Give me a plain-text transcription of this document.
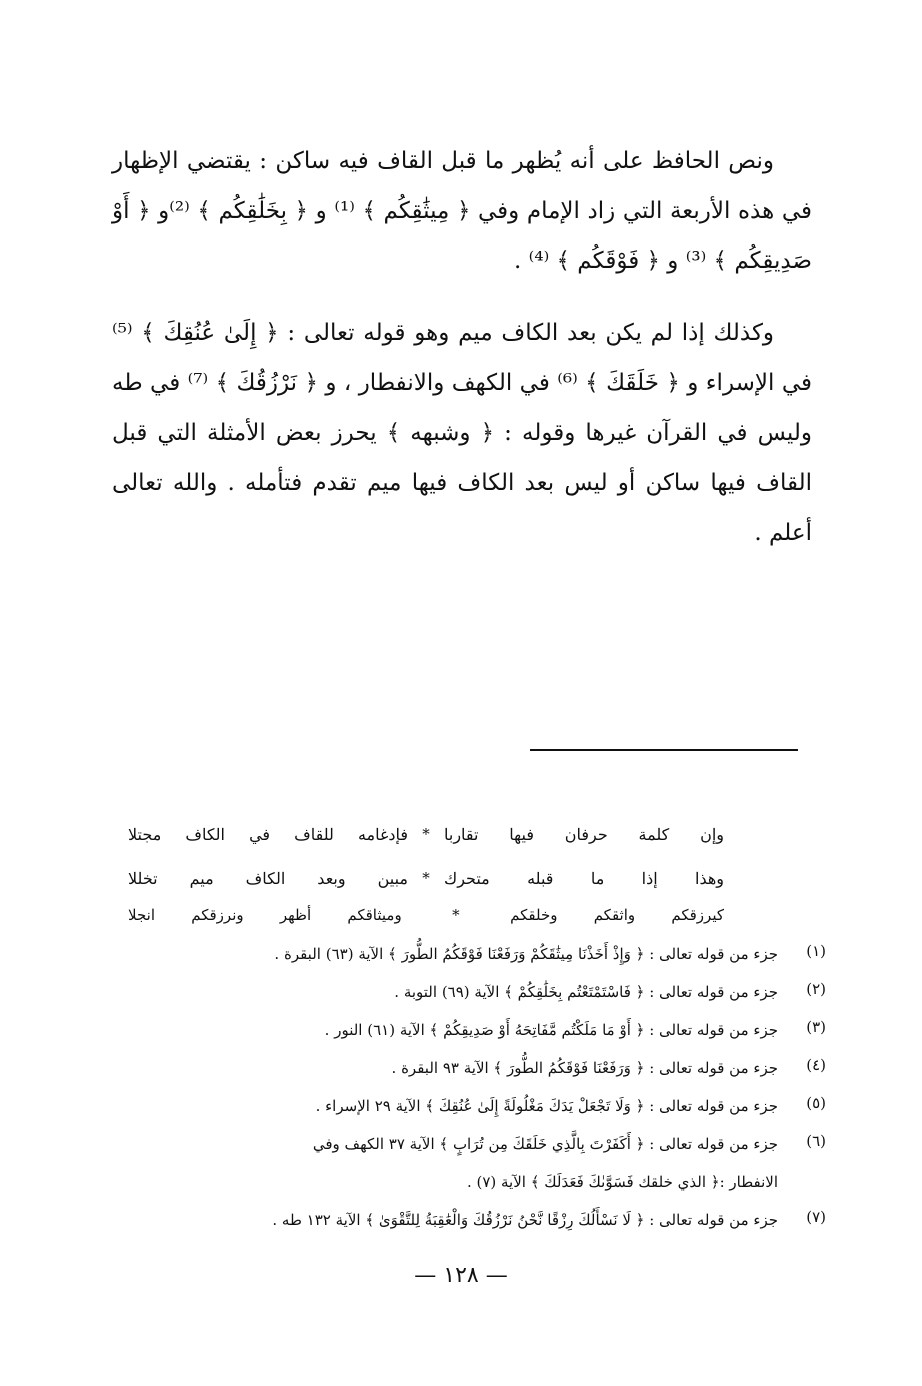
ونص الحافظ على أنه يُظهر ما قبل القاف فيه ساكن : يقتضي الإظهار في هذه الأربعة التي زاد الإمام وفي ﴿ مِيثَٰقِكُم ﴾ ⁽¹⁾ و ﴿ بِخَلَٰقِكُم ﴾ ⁽²⁾و ﴿ أَوْ صَدِيقِكُم ﴾ ⁽³⁾ و ﴿ فَوْقَكُم ﴾ ⁽⁴⁾ .

وكذلك إذا لم يكن بعد الكاف ميم وهو قوله تعالى : ﴿ إِلَىٰ عُنُقِكَ ﴾ ⁽⁵⁾ في الإسراء و ﴿ خَلَقَكَ ﴾ ⁽⁶⁾ في الكهف والانفطار ، و ﴿ نَرْزُقُكَ ﴾ ⁽⁷⁾ في طه وليس في القرآن غيرها وقوله : ﴿ وشبهه ﴾ يحرز بعض الأمثلة التي قبل القاف فيها ساكن أو ليس بعد الكاف فيها ميم تقدم فتأمله . والله تعالى أعلم .

وإن كلمة حرفان فيها تقاربا
*
فإدغامه للقاف في الكاف مجتلا
وهذا إذا ما قبله متحرك
*
مبين وبعد الكاف ميم تخللا
كيرزقكم
واثقكم
وخلقكم
*
وميثاقكم
أظهر
ونرزقكم
انجلا
(١)
جزء من قوله تعالى : ﴿ وَإِذْ أَخَذْنَا مِيثَٰقَكُمْ وَرَفَعْنَا فَوْقَكُمُ الطُّورَ ﴾ الآية (٦٣) البقرة .
(٢)
جزء من قوله تعالى : ﴿ فَاسْتَمْتَعْتُم بِخَلَٰقِكُمْ ﴾ الآية (٦٩) التوبة .
(٣)
جزء من قوله تعالى : ﴿ أَوْ مَا مَلَكْتُم مَّفَاتِحَهُ أَوْ صَدِيقِكُمْ ﴾ الآية (٦١) النور .
(٤)
جزء من قوله تعالى : ﴿ وَرَفَعْنَا فَوْقَكُمُ الطُّورَ ﴾ الآية ٩٣ البقرة .
(٥)
جزء من قوله تعالى : ﴿ وَلَا تَجْعَلْ يَدَكَ مَغْلُولَةً إِلَىٰ عُنُقِكَ ﴾ الآية ٢٩ الإسراء .
(٦)
جزء من قوله تعالى : ﴿ أَكَفَرْتَ بِالَّذِي خَلَقَكَ مِن تُرَابٍ ﴾ الآية ٣٧ الكهف وفي
الانفطار :﴿ الذي خلقك فَسَوَّىٰكَ فَعَدَلَكَ ﴾ الآية (٧) .
(٧)
جزء من قوله تعالى : ﴿ لَا نَسْأَلُكَ رِزْقًا نَّحْنُ نَرْزُقُكَ وَالْعَٰقِبَةُ لِلتَّقْوَىٰ ﴾ الآية ١٣٢ طه .
— ١٢٨ —
